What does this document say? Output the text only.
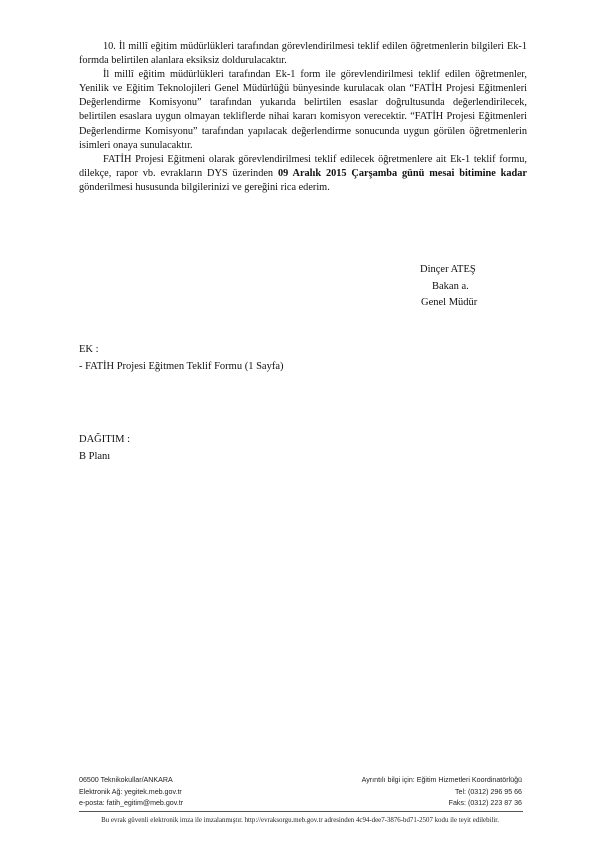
10. İl millî eğitim müdürlükleri tarafından görevlendirilmesi teklif edilen öğretmenlerin bilgileri Ek-1 formda belirtilen alanlara eksiksiz doldurulacaktır.

İl millî eğitim müdürlükleri tarafından Ek-1 form ile görevlendirilmesi teklif edilen öğretmenler, Yenilik ve Eğitim Teknolojileri Genel Müdürlüğü bünyesinde kurulacak olan “FATİH Projesi Eğitmenleri Değerlendirme Komisyonu” tarafından yukarıda belirtilen esaslar doğrultusunda değerlendirilecek, belirtilen esaslara uygun olmayan tekliflerde nihai kararı komisyon verecektir. “FATİH Projesi Eğitmenleri Değerlendirme Komisyonu” tarafından yapılacak değerlendirme sonucunda uygun görülen öğretmenlerin isimleri onaya sunulacaktır.

FATİH Projesi Eğitmeni olarak görevlendirilmesi teklif edilecek öğretmenlere ait Ek-1 teklif formu, dilekçe, rapor vb. evrakların DYS üzerinden 09 Aralık 2015 Çarşamba günü mesai bitimine kadar gönderilmesi hususunda bilgilerinizi ve gereğini rica ederim.

Dinçer ATEŞ
Bakan a.
Genel Müdür
EK :
- FATİH Projesi Eğitmen Teklif Formu (1 Sayfa)
DAĞITIM :
B Planı
06500 Teknikokullar/ANKARA
Elektronik Ağ: yegitek.meb.gov.tr
e-posta: fatih_egitim@meb.gov.tr
Ayrıntılı bilgi için: Eğitim Hizmetleri Koordinatörlüğü
Tel: (0312) 296 95 66
Faks: (0312) 223 87 36
Bu evrak güvenli elektronik imza ile imzalanmıştır. http://evraksorgu.meb.gov.tr adresinden 4c94-dee7-3876-bd71-2507 kodu ile teyit edilebilir.
